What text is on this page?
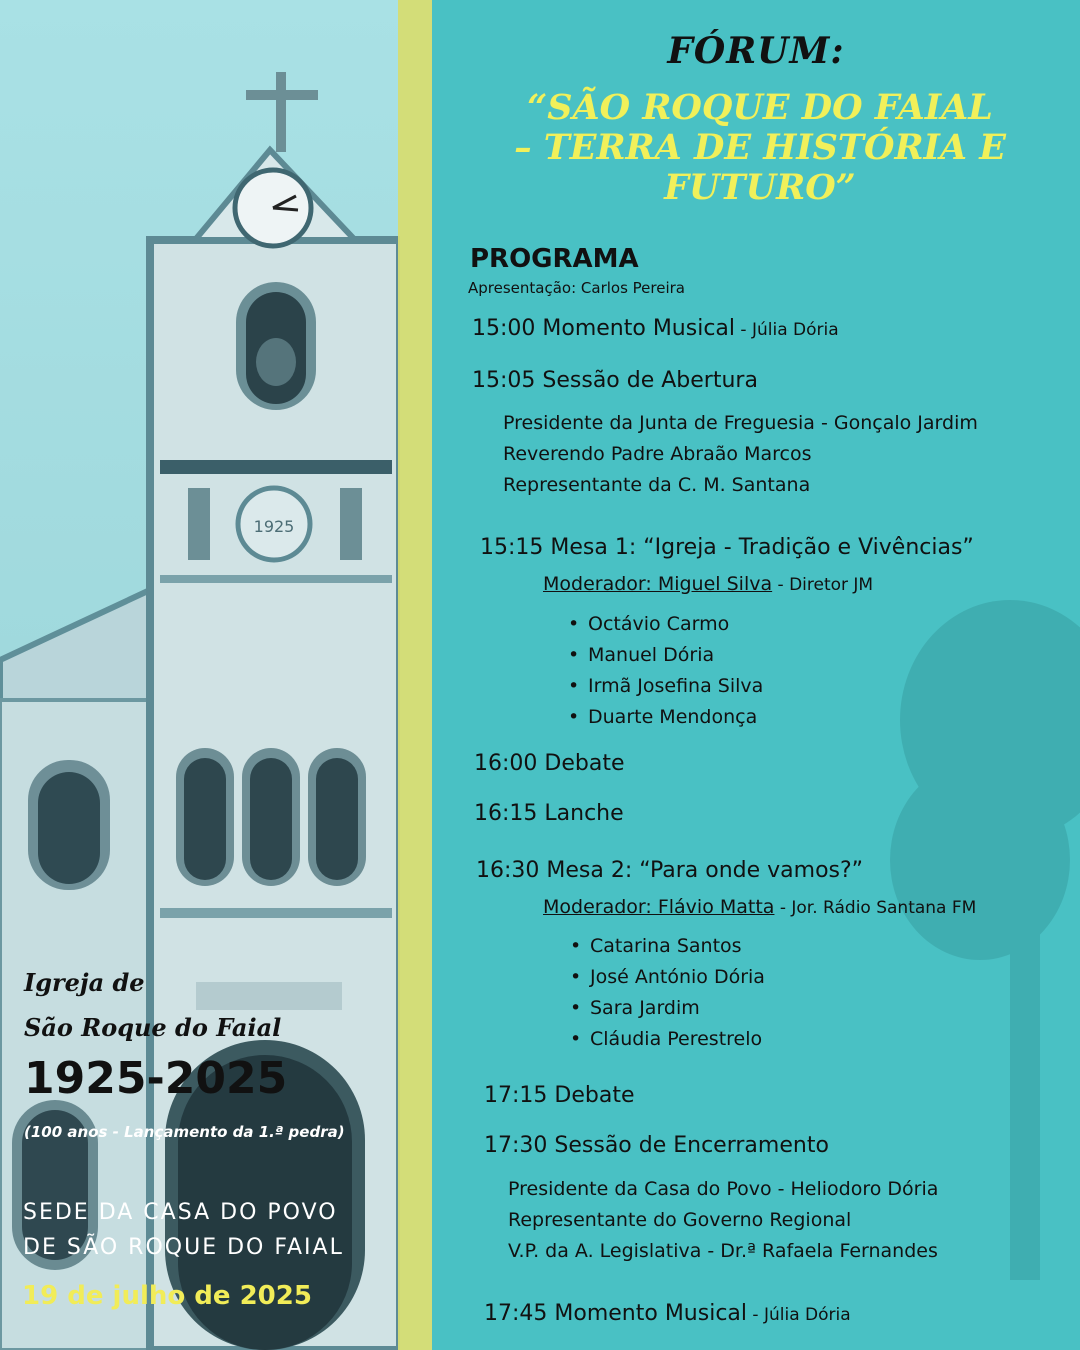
1925
FÓRUM:
“SÃO ROQUE DO FAIAL
– TERRA DE HISTÓRIA E
FUTURO”
PROGRAMA
Apresentação: Carlos Pereira
15:00 Momento Musical - Júlia Dória
15:05 Sessão de Abertura
Presidente da Junta de Freguesia - Gonçalo Jardim
Reverendo Padre Abraão Marcos
Representante da C. M. Santana
15:15 Mesa 1: “Igreja - Tradição e Vivências”
Moderador: Miguel Silva - Diretor JM
• Octávio Carmo
• Manuel Dória
• Irmã Josefina Silva
• Duarte Mendonça
16:00 Debate
16:15 Lanche
16:30 Mesa 2: “Para onde vamos?”
Moderador: Flávio Matta - Jor. Rádio Santana FM
• Catarina Santos
• José António Dória
• Sara Jardim
• Cláudia Perestrelo
17:15 Debate
17:30 Sessão de Encerramento
Presidente da Casa do Povo - Heliodoro Dória
Representante do Governo Regional
V.P. da A. Legislativa - Dr.ª Rafaela Fernandes
17:45 Momento Musical - Júlia Dória
Igreja de
São Roque do Faial
1925-2025
(100 anos - Lançamento da 1.ª pedra)
SEDE DA CASA DO POVO
DE SÃO ROQUE DO FAIAL
19 de julho de 2025
